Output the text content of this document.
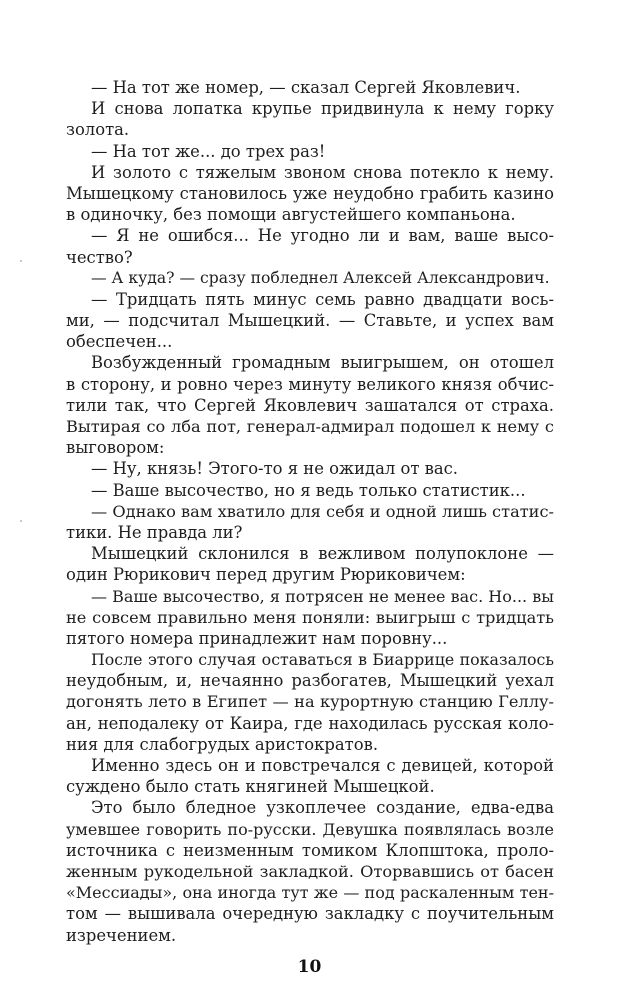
— На тот же номер, — сказал Сергей Яковлевич.
И снова лопатка крупье придвинула к нему горку
золота.
— На тот же... до трех раз!
И золото с тяжелым звоном снова потекло к нему.
Мышецкому становилось уже неудобно грабить казино
в одиночку, без помощи августейшего компаньона.
— Я не ошибся... Не угодно ли и вам, ваше высо-
чество?
— А куда? — сразу побледнел Алексей Александрович.
— Тридцать пять минус семь равно двадцати вось-
ми, — подсчитал Мышецкий. — Ставьте, и успех вам
обеспечен...
Возбужденный громадным выигрышем, он отошел
в сторону, и ровно через минуту великого князя обчис-
тили так, что Сергей Яковлевич зашатался от страха.
Вытирая со лба пот, генерал-адмирал подошел к нему с
выговором:
— Ну, князь! Этого-то я не ожидал от вас.
— Ваше высочество, но я ведь только статистик...
— Однако вам хватило для себя и одной лишь статис-
тики. Не правда ли?
Мышецкий склонился в вежливом полупоклоне —
один Рюрикович перед другим Рюриковичем:
— Ваше высочество, я потрясен не менее вас. Но... вы
не совсем правильно меня поняли: выигрыш с тридцать
пятого номера принадлежит нам поровну...
После этого случая оставаться в Биаррице показалось
неудобным, и, нечаянно разбогатев, Мышецкий уехал
догонять лето в Египет — на курортную станцию Геллу-
ан, неподалеку от Каира, где находилась русская коло-
ния для слабогрудых аристократов.
Именно здесь он и повстречался с девицей, которой
суждено было стать княгиней Мышецкой.
Это было бледное узкоплечее создание, едва-едва
умевшее говорить по-русски. Девушка появлялась возле
источника с неизменным томиком Клопштока, проло-
женным рукодельной закладкой. Оторвавшись от басен
«Мессиады», она иногда тут же — под раскаленным тен-
том — вышивала очередную закладку с поучительным
изречением.
10
